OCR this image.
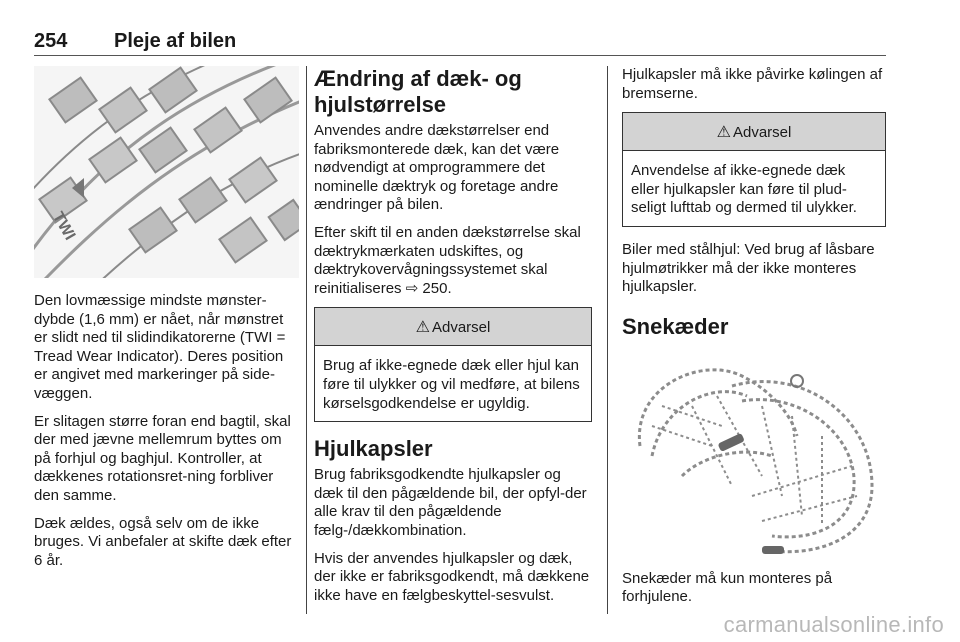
254 Pleje af bilen
TWI

Den lovmæssige mindste mønster-dybde (1,6 mm) er nået, når mønstret er slidt ned til slidindikatorerne (TWI = Tread Wear Indicator). Deres position er angivet med markeringer på side-væggen.

Er slitagen større foran end bagtil, skal der med jævne mellemrum byttes om på forhjul og baghjul. Kontroller, at dækkenes rotationsret-ning forbliver den samme.

Dæk ældes, også selv om de ikke bruges. Vi anbefaler at skifte dæk efter 6 år.

Ændring af dæk- og hjulstørrelse

Anvendes andre dækstørrelser end fabriksmonterede dæk, kan det være nødvendigt at omprogrammere det nominelle dæktryk og foretage andre ændringer på bilen.

Efter skift til en anden dækstørrelse skal dæktrykmærkaten udskiftes, og dæktrykovervågningssystemet skal reinitialiseres ⇨ 250.

⚠ Advarsel

Brug af ikke-egnede dæk eller hjul kan føre til ulykker og vil medføre, at bilens kørselsgodkendelse er ugyldig.

Hjulkapsler

Brug fabriksgodkendte hjulkapsler og dæk til den pågældende bil, der opfyl-der alle krav til den pågældende fælg-/dækkombination.

Hvis der anvendes hjulkapsler og dæk, der ikke er fabriksgodkendt, må dækkene ikke have en fælgbeskyttel-sesvulst.

Hjulkapsler må ikke påvirke kølingen af bremserne.

⚠ Advarsel

Anvendelse af ikke-egnede dæk eller hjulkapsler kan føre til plud-seligt lufttab og dermed til ulykker.

Biler med stålhjul: Ved brug af låsbare hjulmøtrikker må der ikke monteres hjulkapsler.

Snekæder

Snekæder må kun monteres på forhjulene.

carmanualsonline.info
